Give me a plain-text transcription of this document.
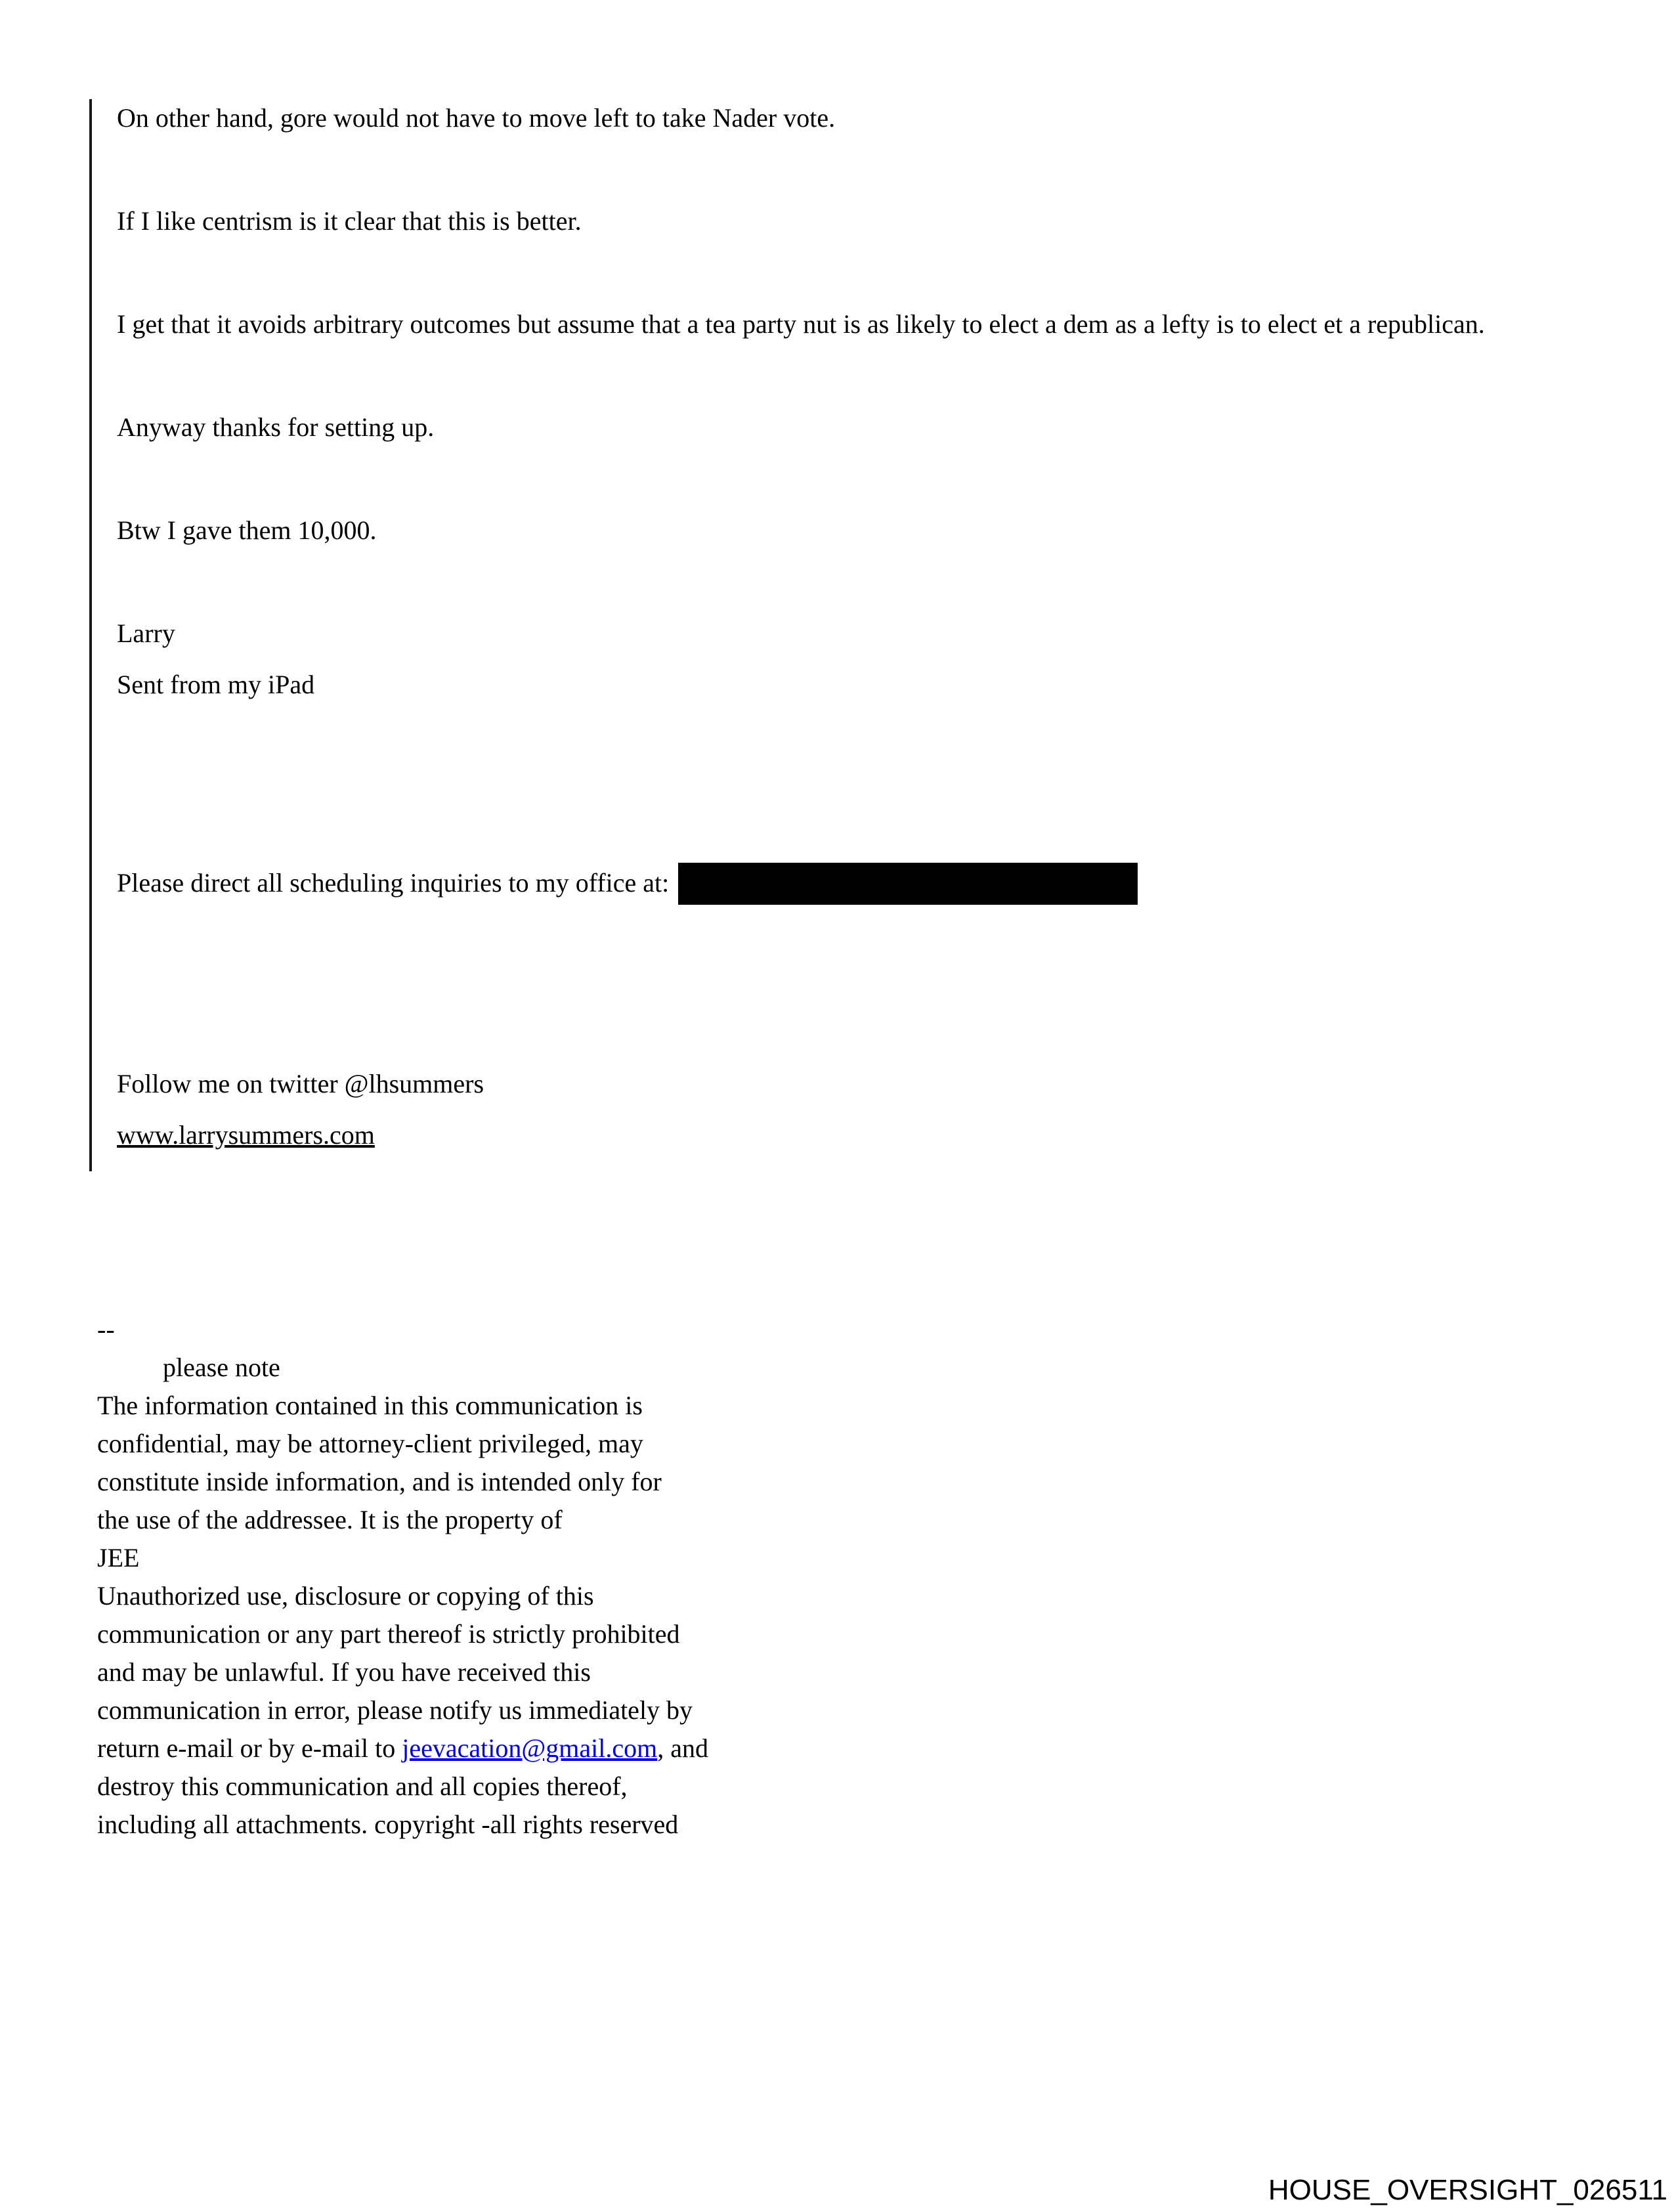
On other hand, gore would not have to move left to take Nader vote.

If I like centrism is it clear that this is better.

I get that it avoids arbitrary outcomes but assume that a tea party nut is as likely to elect a dem as a lefty is to elect et a republican.

Anyway thanks for setting up.

Btw I gave them 10,000.

Larry

Sent from my iPad

Please direct all scheduling inquiries to my office at:

Follow me on twitter @lhsummers

www.larrysummers.com

--

please note

The information contained in this communication is

confidential, may be attorney-client privileged, may

constitute inside information, and is intended only for

the use of the addressee. It is the property of

JEE

Unauthorized use, disclosure or copying of this

communication or any part thereof is strictly prohibited

and may be unlawful. If you have received this

communication in error, please notify us immediately by

return e-mail or by e-mail to jeevacation@gmail.com, and

destroy this communication and all copies thereof,

including all attachments. copyright -all rights reserved

HOUSE_OVERSIGHT_026511
